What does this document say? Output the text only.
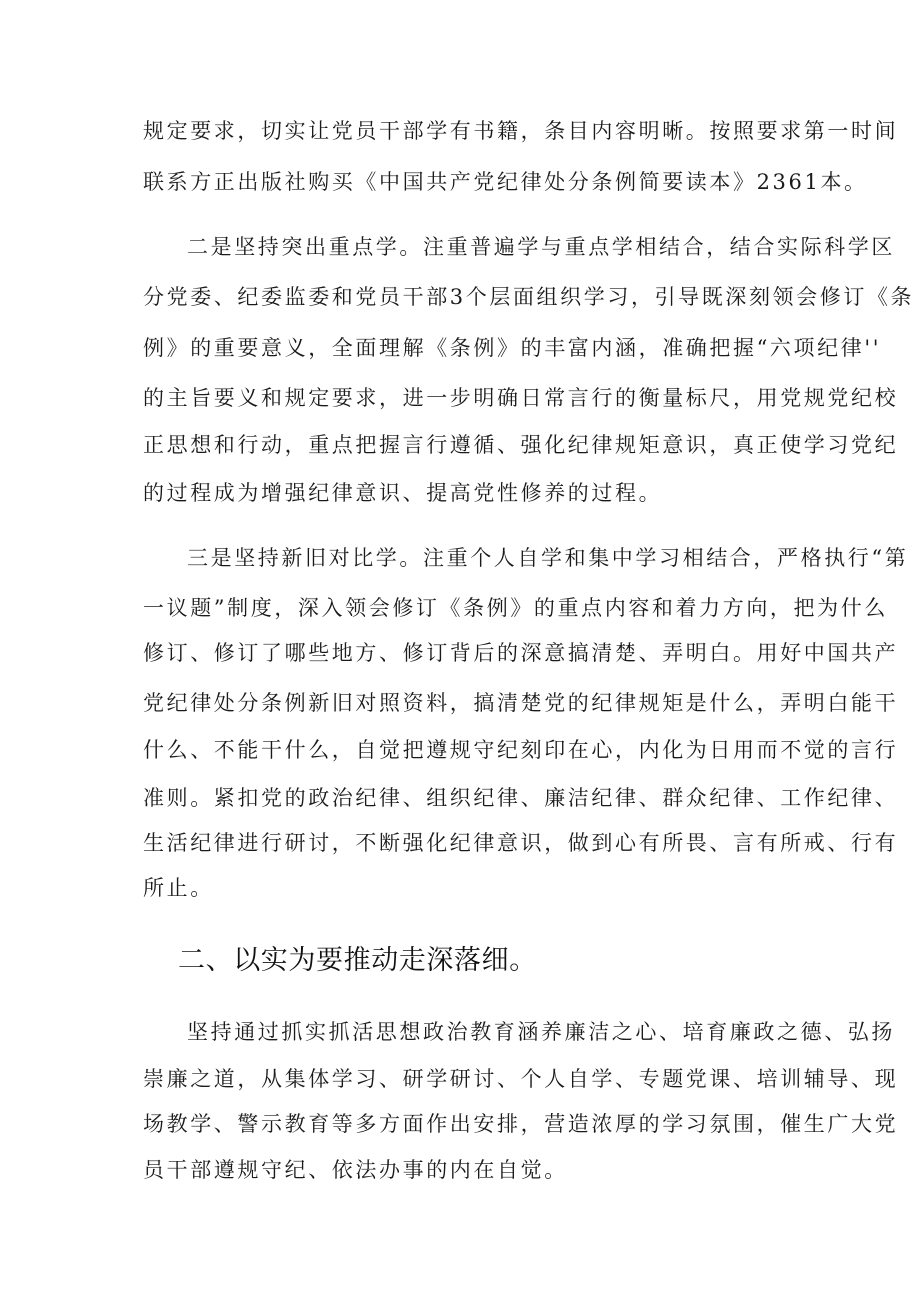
规定要求，切实让党员干部学有书籍，条目内容明晰。按照要求第一时间
联系方正出版社购买《中国共产党纪律处分条例简要读本》2361本。
二是坚持突出重点学。注重普遍学与重点学相结合，结合实际科学区
分党委、纪委监委和党员干部3个层面组织学习，引导既深刻领会修订《条
例》的重要意义，全面理解《条例》的丰富内涵，准确把握“六项纪律''
的主旨要义和规定要求，进一步明确日常言行的衡量标尺，用党规党纪校
正思想和行动，重点把握言行遵循、强化纪律规矩意识，真正使学习党纪
的过程成为增强纪律意识、提高党性修养的过程。
三是坚持新旧对比学。注重个人自学和集中学习相结合，严格执行“第
一议题”制度，深入领会修订《条例》的重点内容和着力方向，把为什么
修订、修订了哪些地方、修订背后的深意搞清楚、弄明白。用好中国共产
党纪律处分条例新旧对照资料，搞清楚党的纪律规矩是什么，弄明白能干
什么、不能干什么，自觉把遵规守纪刻印在心，内化为日用而不觉的言行
准则。紧扣党的政治纪律、组织纪律、廉洁纪律、群众纪律、工作纪律、
生活纪律进行研讨，不断强化纪律意识，做到心有所畏、言有所戒、行有
所止。
二、以实为要推动走深落细。
坚持通过抓实抓活思想政治教育涵养廉洁之心、培育廉政之德、弘扬
崇廉之道，从集体学习、研学研讨、个人自学、专题党课、培训辅导、现
场教学、警示教育等多方面作出安排，营造浓厚的学习氛围，催生广大党
员干部遵规守纪、依法办事的内在自觉。
